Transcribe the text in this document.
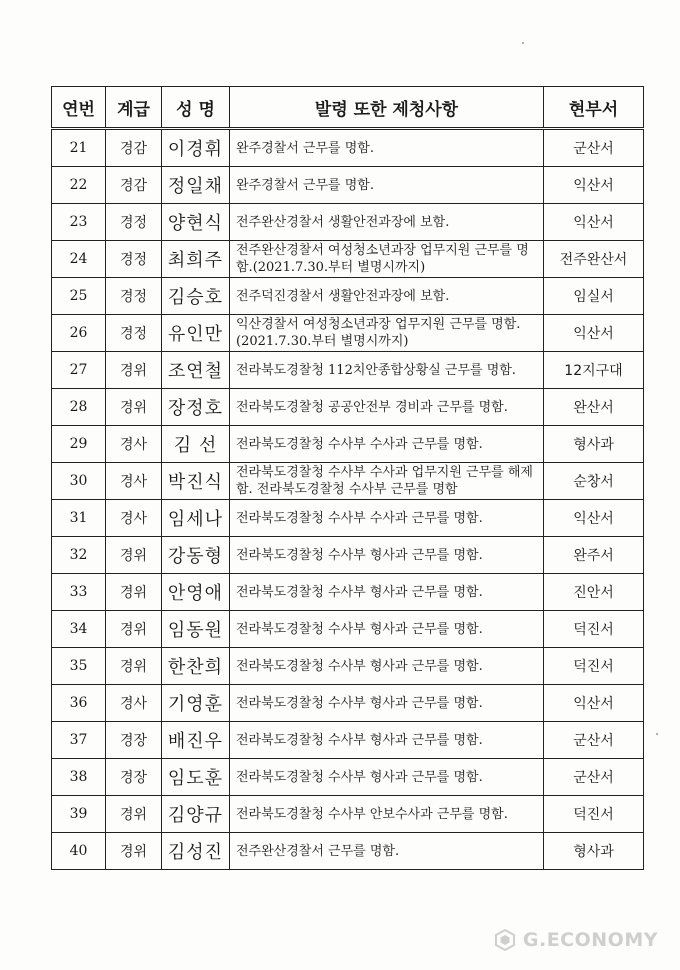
연번	계급	성 명	발령 또한 제청사항	현부서
21	경감	이경휘	완주경찰서 근무를 명함.	군산서
22	경감	정일채	완주경찰서 근무를 명함.	익산서
23	경정	양현식	전주완산경찰서 생활안전과장에 보함.	익산서
24	경정	최희주	전주완산경찰서 여성청소년과장 업무지원 근무를 명함.(2021.7.30.부터 별명시까지)	전주완산서
25	경정	김승호	전주덕진경찰서 생활안전과장에 보함.	임실서
26	경정	유인만	익산경찰서 여성청소년과장 업무지원 근무를 명함.(2021.7.30.부터 별명시까지)	익산서
27	경위	조연철	전라북도경찰청 112치안종합상황실 근무를 명함.	12지구대
28	경위	장정호	전라북도경찰청 공공안전부 경비과 근무를 명함.	완산서
29	경사	김 선	전라북도경찰청 수사부 수사과 근무를 명함.	형사과
30	경사	박진식	전라북도경찰청 수사부 수사과 업무지원 근무를 해제함. 전라북도경찰청 수사부 근무를 명함	순창서
31	경사	임세나	전라북도경찰청 수사부 수사과 근무를 명함.	익산서
32	경위	강동형	전라북도경찰청 수사부 형사과 근무를 명함.	완주서
33	경위	안영애	전라북도경찰청 수사부 형사과 근무를 명함.	진안서
34	경위	임동원	전라북도경찰청 수사부 형사과 근무를 명함.	덕진서
35	경위	한찬희	전라북도경찰청 수사부 형사과 근무를 명함.	덕진서
36	경사	기영훈	전라북도경찰청 수사부 형사과 근무를 명함.	익산서
37	경장	배진우	전라북도경찰청 수사부 형사과 근무를 명함.	군산서
38	경장	임도훈	전라북도경찰청 수사부 형사과 근무를 명함.	군산서
39	경위	김양규	전라북도경찰청 수사부 안보수사과 근무를 명함.	덕진서
40	경위	김성진	전주완산경찰서 근무를 명함.	형사과
G.ECONOMY
